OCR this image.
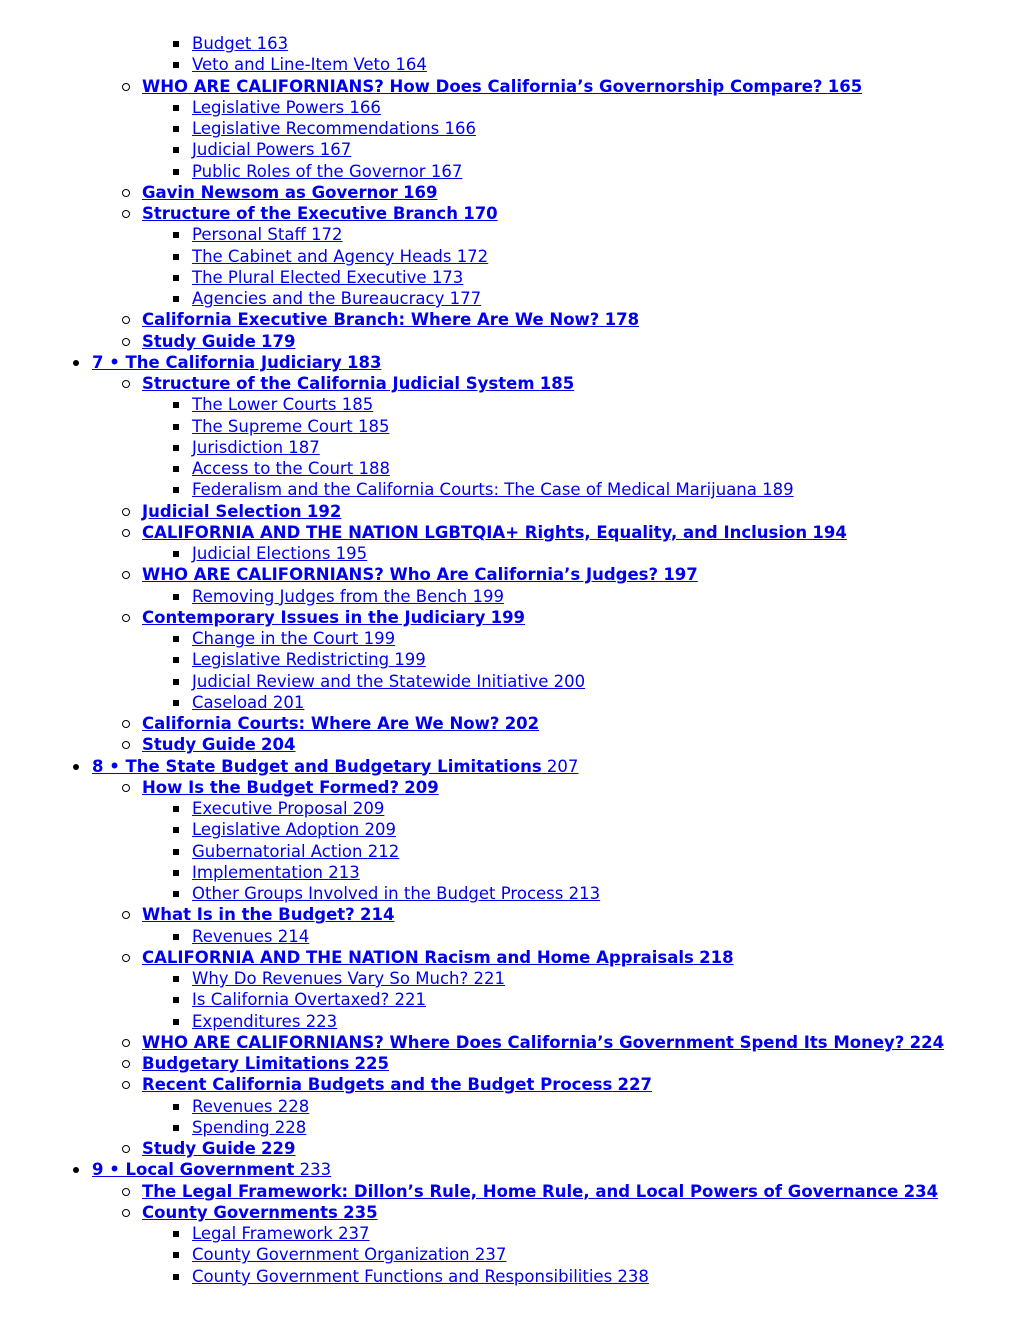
Budget 163
Veto and Line-Item Veto 164
WHO ARE CALIFORNIANS? How Does California’s Governorship Compare? 165
Legislative Powers 166
Legislative Recommendations 166
Judicial Powers 167
Public Roles of the Governor 167
Gavin Newsom as Governor 169
Structure of the Executive Branch 170
Personal Staff 172
The Cabinet and Agency Heads 172
The Plural Elected Executive 173
Agencies and the Bureaucracy 177
California Executive Branch: Where Are We Now? 178
Study Guide 179
7 • The California Judiciary 183
Structure of the California Judicial System 185
The Lower Courts 185
The Supreme Court 185
Jurisdiction 187
Access to the Court 188
Federalism and the California Courts: The Case of Medical Marijuana 189
Judicial Selection 192
CALIFORNIA AND THE NATION LGBTQIA+ Rights, Equality, and Inclusion 194
Judicial Elections 195
WHO ARE CALIFORNIANS? Who Are California’s Judges? 197
Removing Judges from the Bench 199
Contemporary Issues in the Judiciary 199
Change in the Court 199
Legislative Redistricting 199
Judicial Review and the Statewide Initiative 200
Caseload 201
California Courts: Where Are We Now? 202
Study Guide 204
8 • The State Budget and Budgetary Limitations 207
How Is the Budget Formed? 209
Executive Proposal 209
Legislative Adoption 209
Gubernatorial Action 212
Implementation 213
Other Groups Involved in the Budget Process 213
What Is in the Budget? 214
Revenues 214
CALIFORNIA AND THE NATION Racism and Home Appraisals 218
Why Do Revenues Vary So Much? 221
Is California Overtaxed? 221
Expenditures 223
WHO ARE CALIFORNIANS? Where Does California’s Government Spend Its Money? 224
Budgetary Limitations 225
Recent California Budgets and the Budget Process 227
Revenues 228
Spending 228
Study Guide 229
9 • Local Government 233
The Legal Framework: Dillon’s Rule, Home Rule, and Local Powers of Governance 234
County Governments 235
Legal Framework 237
County Government Organization 237
County Government Functions and Responsibilities 238
